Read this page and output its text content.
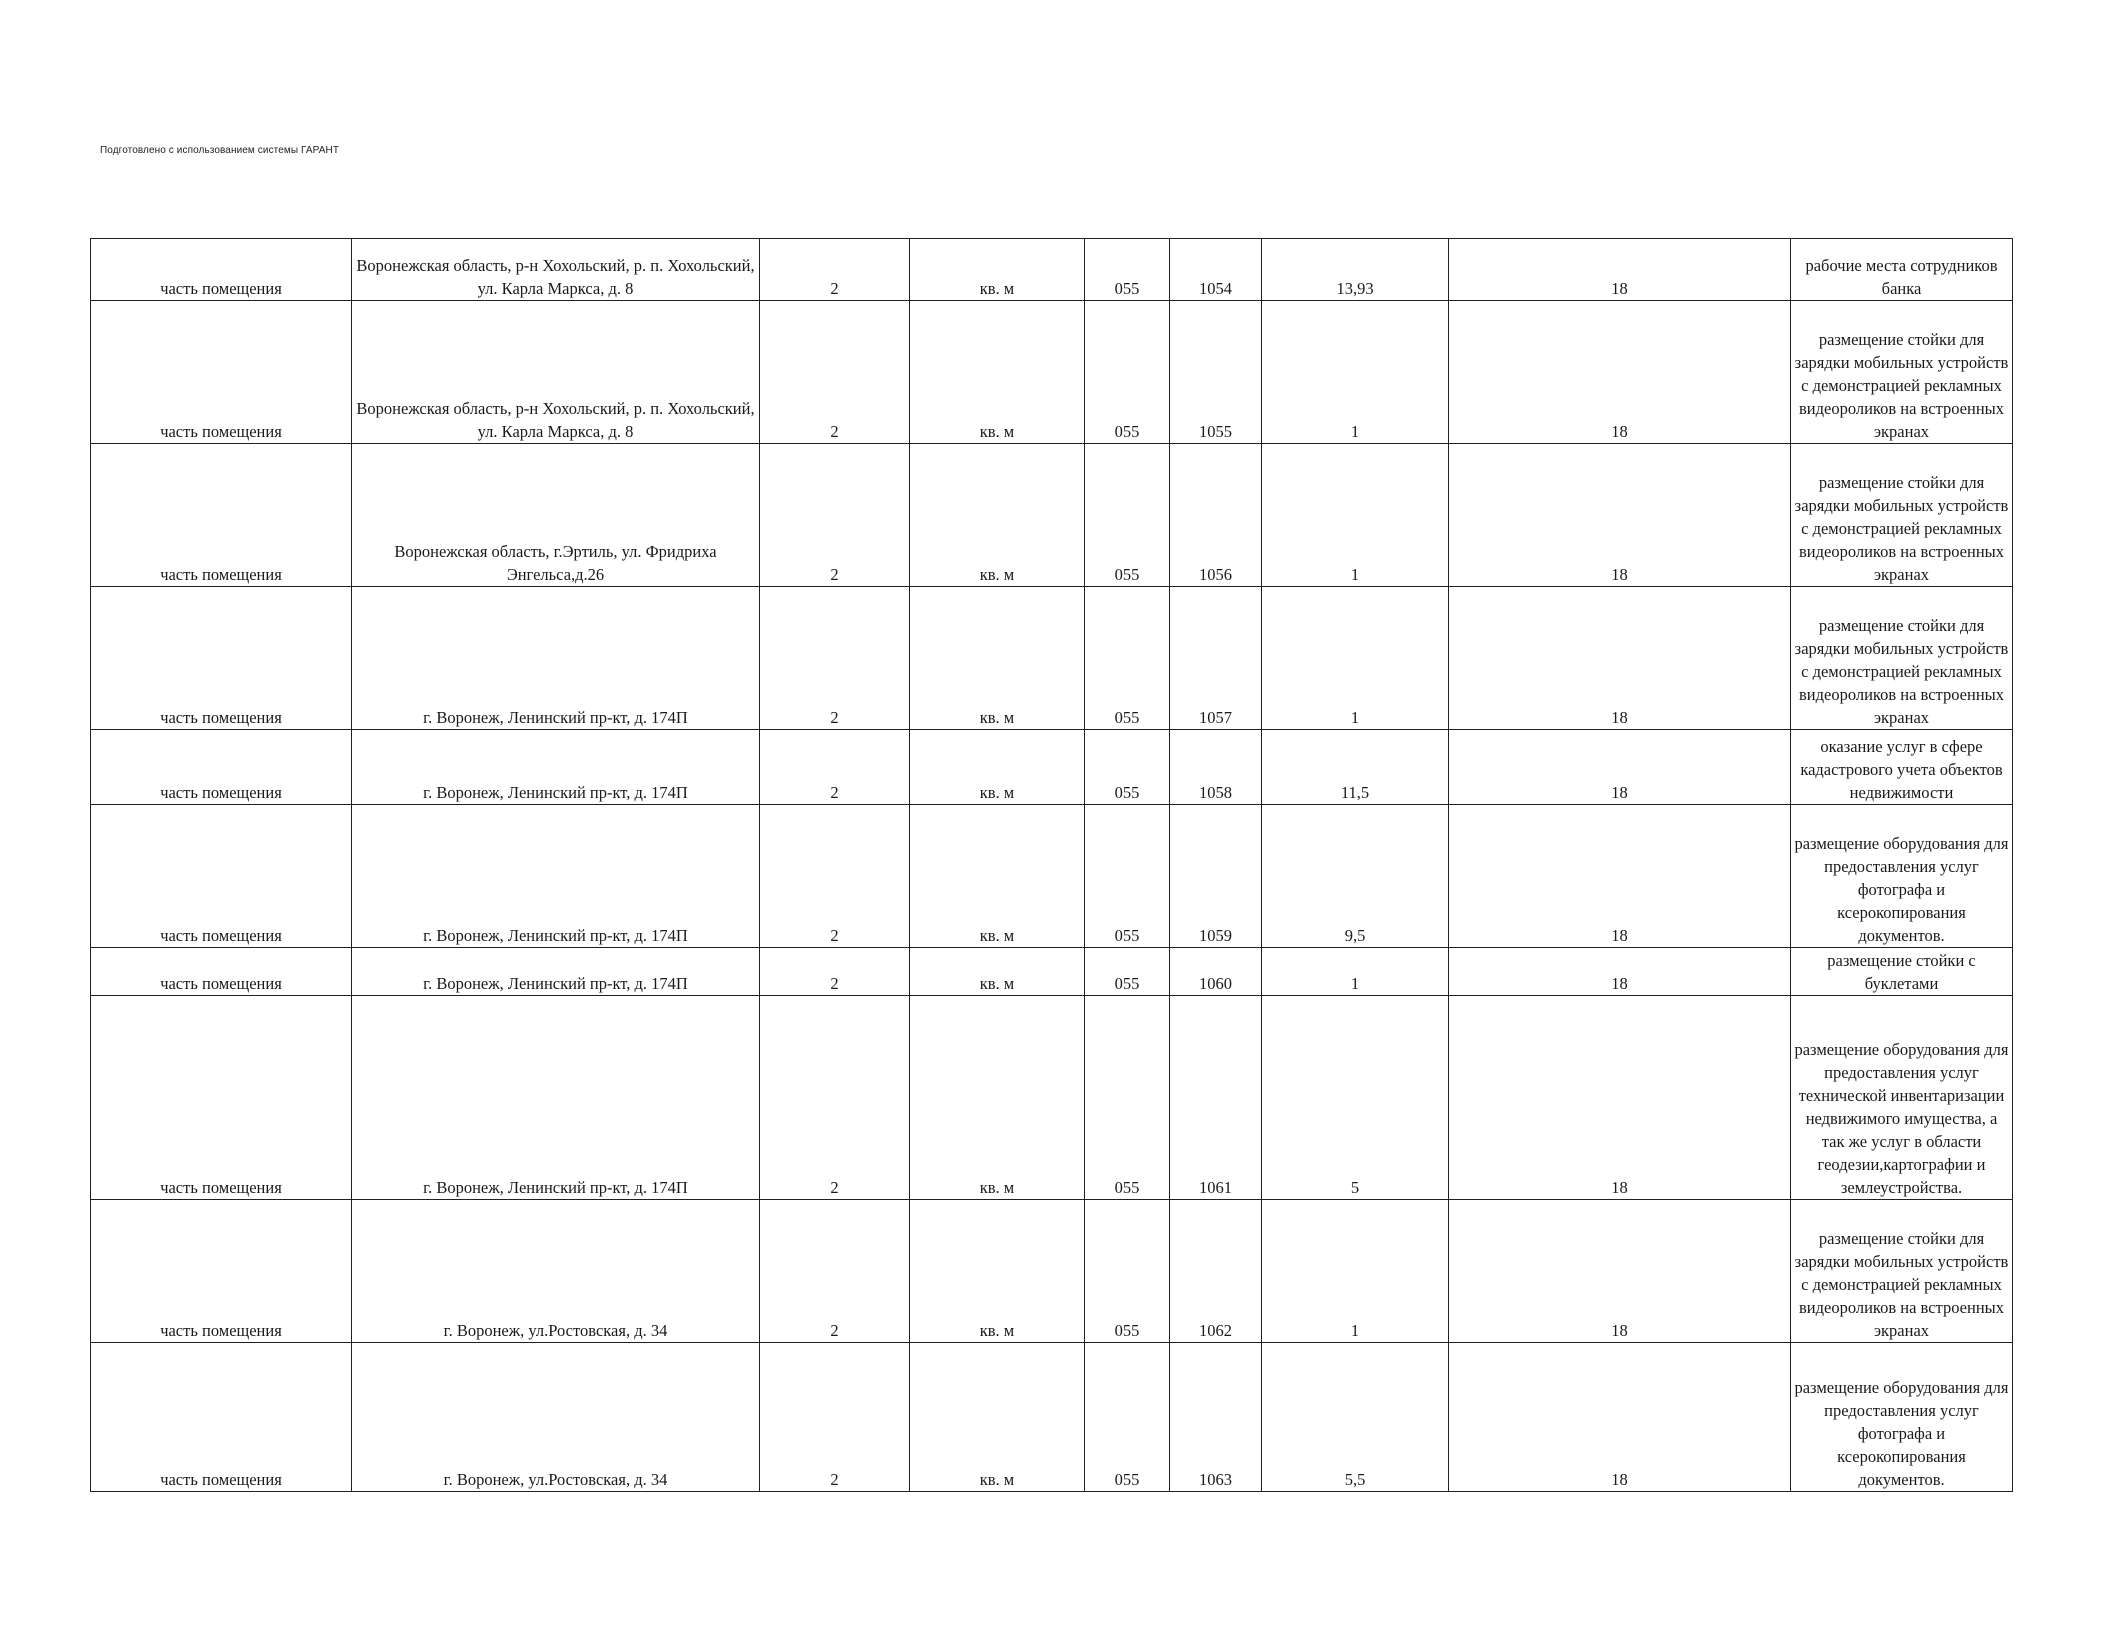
Подготовлено с использованием системы ГАРАНТ
часть помещения	Воронежская область, р-н Хохольский, р. п. Хохольский, ул. Карла Маркса, д. 8	2	кв. м	055	1054	13,93	18	рабочие места сотрудников банка
часть помещения	Воронежская область, р-н Хохольский, р. п. Хохольский, ул. Карла Маркса, д. 8	2	кв. м	055	1055	1	18	размещение стойки для зарядки мобильных устройств с демонстрацией рекламных видеороликов на встроенных экранах
часть помещения	Воронежская область, г.Эртиль, ул. Фридриха Энгельса,д.26	2	кв. м	055	1056	1	18	размещение стойки для зарядки мобильных устройств с демонстрацией рекламных видеороликов на встроенных экранах
часть помещения	г. Воронеж, Ленинский пр-кт, д. 174П	2	кв. м	055	1057	1	18	размещение стойки для зарядки мобильных устройств с демонстрацией рекламных видеороликов на встроенных экранах
часть помещения	г. Воронеж, Ленинский пр-кт, д. 174П	2	кв. м	055	1058	11,5	18	оказание услуг в сфере кадастрового учета объектов недвижимости
часть помещения	г. Воронеж, Ленинский пр-кт, д. 174П	2	кв. м	055	1059	9,5	18	размещение оборудования для предоставления услуг фотографа и ксерокопирования документов.
часть помещения	г. Воронеж, Ленинский пр-кт, д. 174П	2	кв. м	055	1060	1	18	размещение стойки с буклетами
часть помещения	г. Воронеж, Ленинский пр-кт, д. 174П	2	кв. м	055	1061	5	18	размещение оборудования для предоставления услуг технической инвентаризации недвижимого имущества, а так же услуг в области геодезии,картографии и землеустройства.
часть помещения	г. Воронеж, ул.Ростовская, д. 34	2	кв. м	055	1062	1	18	размещение стойки для зарядки мобильных устройств с демонстрацией рекламных видеороликов на встроенных экранах
часть помещения	г. Воронеж, ул.Ростовская, д. 34	2	кв. м	055	1063	5,5	18	размещение оборудования для предоставления услуг фотографа и ксерокопирования документов.
